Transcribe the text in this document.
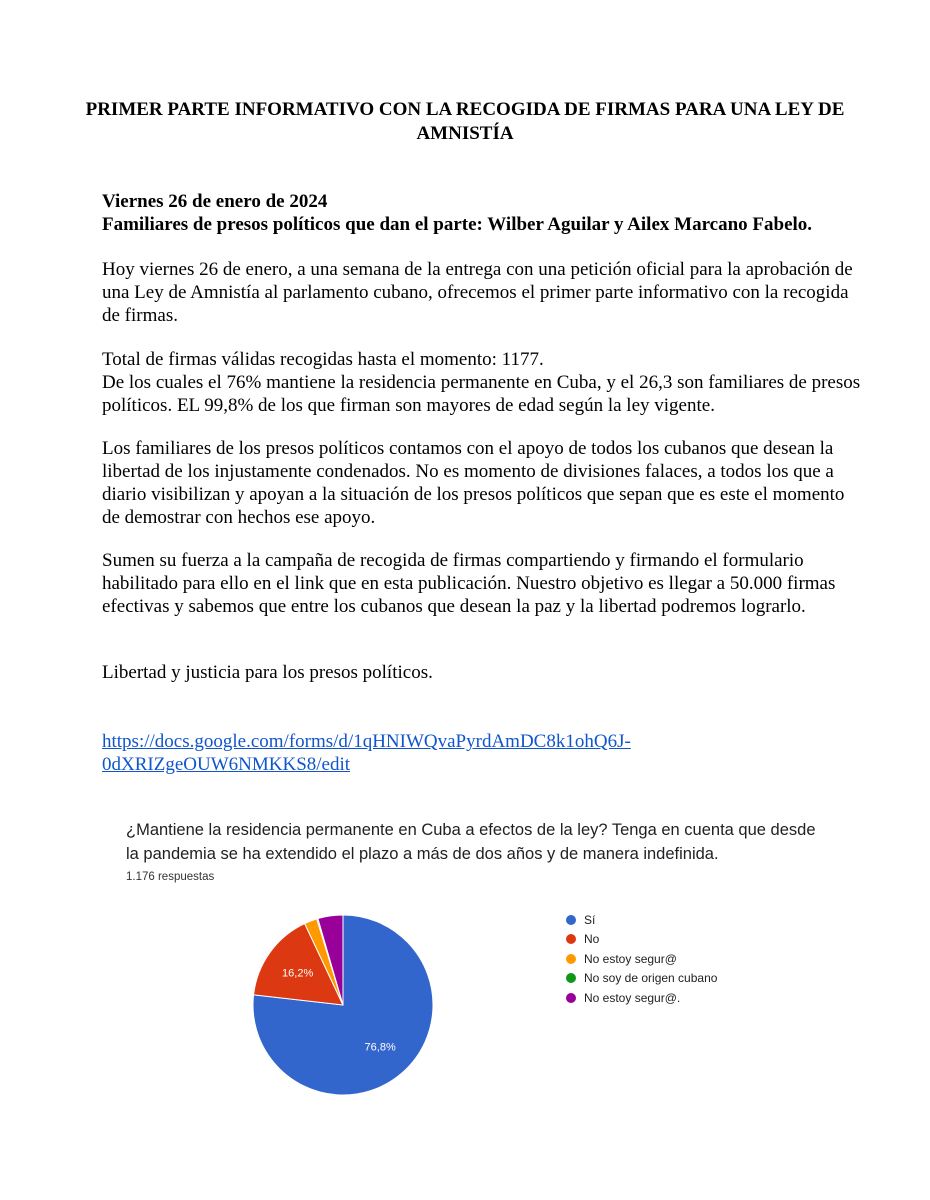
PRIMER PARTE INFORMATIVO CON LA RECOGIDA DE FIRMAS PARA UNA LEY DE AMNISTÍA

Viernes 26 de enero de 2024

Familiares de presos políticos que dan el parte: Wilber Aguilar y Ailex Marcano Fabelo.

Hoy viernes 26 de enero, a una semana de la entrega con una petición oficial para la aprobación de una Ley de Amnistía al parlamento cubano, ofrecemos el primer parte informativo con la recogida de firmas.

Total de firmas válidas recogidas hasta el momento: 1177.

De los cuales el 76% mantiene la residencia permanente en Cuba, y el 26,3 son familiares de presos políticos. EL 99,8% de los que firman son mayores de edad según la ley vigente.

Los familiares de los presos políticos contamos con el apoyo de todos los cubanos que desean la libertad de los injustamente condenados. No es momento de divisiones falaces, a todos los que a diario visibilizan y apoyan a la situación de los presos políticos que sepan que es este el momento de demostrar con hechos ese apoyo.

Sumen su fuerza a la campaña de recogida de firmas compartiendo y firmando el formulario habilitado para ello en el link que en esta publicación. Nuestro objetivo es llegar a 50.000 firmas efectivas y sabemos que entre los cubanos que desean la paz y la libertad podremos lograrlo.

Libertad y justicia para los presos políticos.

https://docs.google.com/forms/d/1qHNIWQvaPyrdAmDC8k1ohQ6J-
0dXRIZgeOUW6NMKKS8/edit
¿Mantiene la residencia permanente en Cuba a efectos de la ley? Tenga en cuenta que desde la pandemia se ha extendido el plazo a más de dos años y de manera indefinida.
1.176 respuestas
76,8%
16,2%
Sí
No
No estoy segur@
No soy de origen cubano
No estoy segur@.
